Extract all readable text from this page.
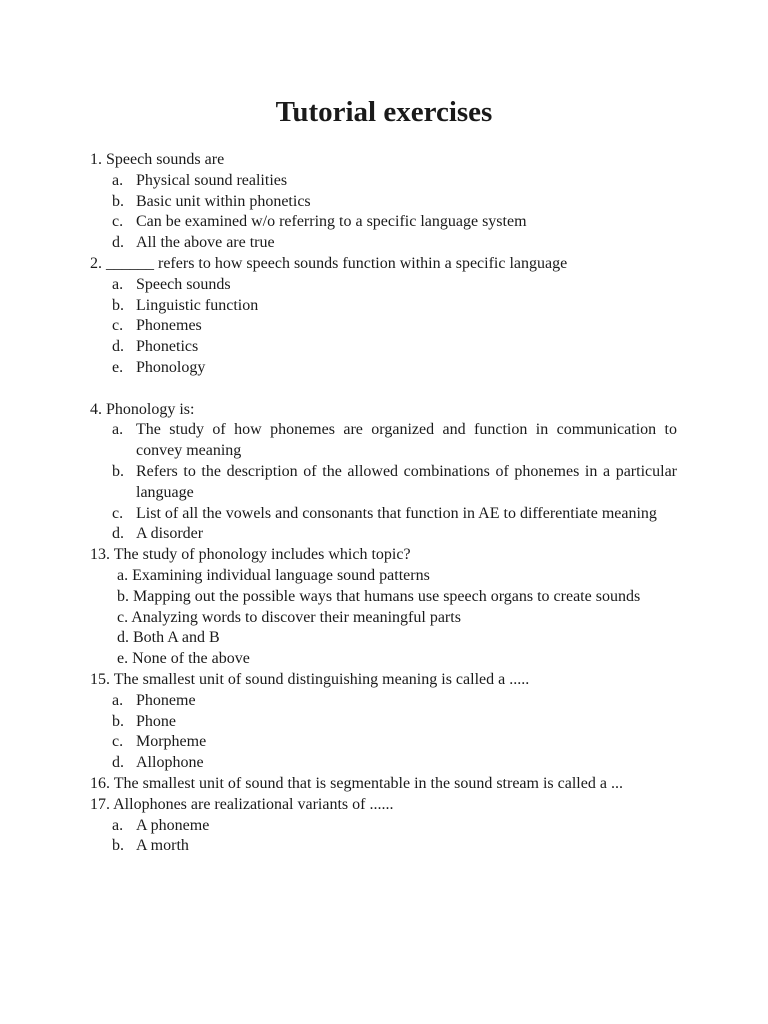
Tutorial exercises

1. Speech sounds are

a. Physical sound realities
b. Basic unit within phonetics
c. Can be examined w/o referring to a specific language system
d. All the above are true

2. ______ refers to how speech sounds function within a specific language

a. Speech sounds
b. Linguistic function
c. Phonemes
d. Phonetics
e. Phonology

4. Phonology is:

a. The study of how phonemes are organized and function in communication to convey meaning
b. Refers to the description of the allowed combinations of phonemes in a particular language
c. List of all the vowels and consonants that function in AE to differentiate meaning
d. A disorder

13. The study of phonology includes which topic?

a. Examining individual language sound patterns

b. Mapping out the possible ways that humans use speech organs to create sounds

c. Analyzing words to discover their meaningful parts

d. Both A and B

e. None of the above

15. The smallest unit of sound distinguishing meaning is called a .....

a. Phoneme
b. Phone
c. Morpheme
d. Allophone

16. The smallest unit of sound that is segmentable in the sound stream is called a ...

17. Allophones are realizational variants of ......

a. A phoneme
b. A morth
